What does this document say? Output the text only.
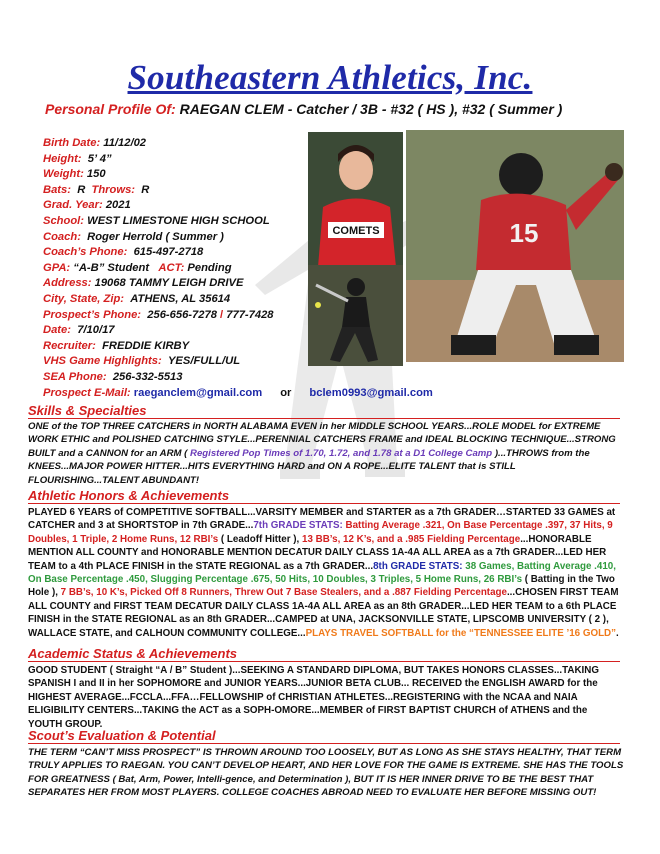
Southeastern Athletics, Inc.
Personal Profile Of: RAEGAN CLEM - Catcher / 3B - #32 ( HS ), #32 ( Summer )
Birth Date: 11/12/02
Height: 5’ 4”
Weight: 150
Bats: R Throws: R
Grad. Year: 2021
School: WEST LIMESTONE HIGH SCHOOL
Coach: Roger Herrold ( Summer )
Coach’s Phone: 615-497-2718
GPA: “A-B” Student ACT: Pending
Address: 19068 TAMMY LEIGH DRIVE
City, State, Zip: ATHENS, AL 35614
Prospect’s Phone: 256-656-7278 / 777-7428
Date: 7/10/17
Recruiter: FREDDIE KIRBY
VHS Game Highlights: YES/FULL/UL
SEA Phone: 256-332-5513
Prospect E-Mail: raeganclem@gmail.com or bclem0993@gmail.com
COMETS	15
Skills & Specialties
ONE of the TOP THREE CATCHERS in NORTH ALABAMA EVEN in her MIDDLE SCHOOL YEARS...ROLE MODEL for EXTREME WORK ETHIC and POLISHED CATCHING STYLE...PERENNIAL CATCHERS FRAME and IDEAL BLOCKING TECHNIQUE...STRONG BUILT and a CANNON for an ARM ( Registered Pop Times of 1.70, 1.72, and 1.78 at a D1 College Camp )...THROWS from the KNEES...MAJOR POWER HITTER...HITS EVERYTHING HARD and ON A ROPE...ELITE TALENT that is STILL FLOURISHING...TALENT ABUNDANT!
Athletic Honors & Achievements
PLAYED 6 YEARS of COMPETITIVE SOFTBALL...VARSITY MEMBER and STARTER as a 7th GRADER…STARTED 33 GAMES at CATCHER and 3 at SHORTSTOP in 7th GRADE...7th GRADE STATS: Batting Average .321, On Base Percentage .397, 37 Hits, 9 Doubles, 1 Triple, 2 Home Runs, 12 RBI’s ( Leadoff Hitter ), 13 BB’s, 12 K’s, and a .985 Fielding Percentage...HONORABLE MENTION ALL COUNTY and HONORABLE MENTION DECATUR DAILY CLASS 1A-4A ALL AREA as a 7th GRADER...LED HER TEAM to a 4th PLACE FINISH in the STATE REGIONAL as a 7th GRADER...8th GRADE STATS: 38 Games, Batting Average .410, On Base Percentage .450, Slugging Percentage .675, 50 Hits, 10 Doubles, 3 Triples, 5 Home Runs, 26 RBI’s ( Batting in the Two Hole ), 7 BB’s, 10 K’s, Picked Off 8 Runners, Threw Out 7 Base Stealers, and a .887 Fielding Percentage...CHOSEN FIRST TEAM ALL COUNTY and FIRST TEAM DECATUR DAILY CLASS 1A-4A ALL AREA as an 8th GRADER...LED HER TEAM to a 6th PLACE FINISH in the STATE REGIONAL as an 8th GRADER...CAMPED at UNA, JACKSONVILLE STATE, LIPSCOMB UNIVERSITY ( 2 ), WALLACE STATE, and CALHOUN COMMUNITY COLLEGE...PLAYS TRAVEL SOFTBALL for the “TENNESSEE ELITE ’16 GOLD”.
Academic Status & Achievements
GOOD STUDENT ( Straight “A / B” Student )...SEEKING A STANDARD DIPLOMA, BUT TAKES HONORS CLASSES...TAKING SPANISH I and II in her SOPHOMORE and JUNIOR YEARS...JUNIOR BETA CLUB... RECEIVED the ENGLISH AWARD for the HIGHEST AVERAGE...FCCLA...FFA…FELLOWSHIP of CHRISTIAN ATHLETES...REGISTERING with the NCAA and NAIA ELIGIBILITY CENTERS...TAKING the ACT as a SOPH-OMORE...MEMBER of FIRST BAPTIST CHURCH of ATHENS and the YOUTH GROUP.
Scout’s Evaluation & Potential
THE TERM “CAN’T MISS PROSPECT” IS THROWN AROUND TOO LOOSELY, BUT AS LONG AS SHE STAYS HEALTHY, THAT TERM TRULY APPLIES TO RAEGAN. YOU CAN’T DEVELOP HEART, AND HER LOVE FOR THE GAME IS EXTREME. SHE HAS THE TOOLS FOR GREATNESS ( Bat, Arm, Power, Intelli-gence, and Determination ), BUT IT IS HER INNER DRIVE TO BE THE BEST THAT SEPARATES HER FROM MOST PLAYERS. COLLEGE COACHES ABROAD NEED TO EVALUATE HER BEFORE MISSING OUT!
